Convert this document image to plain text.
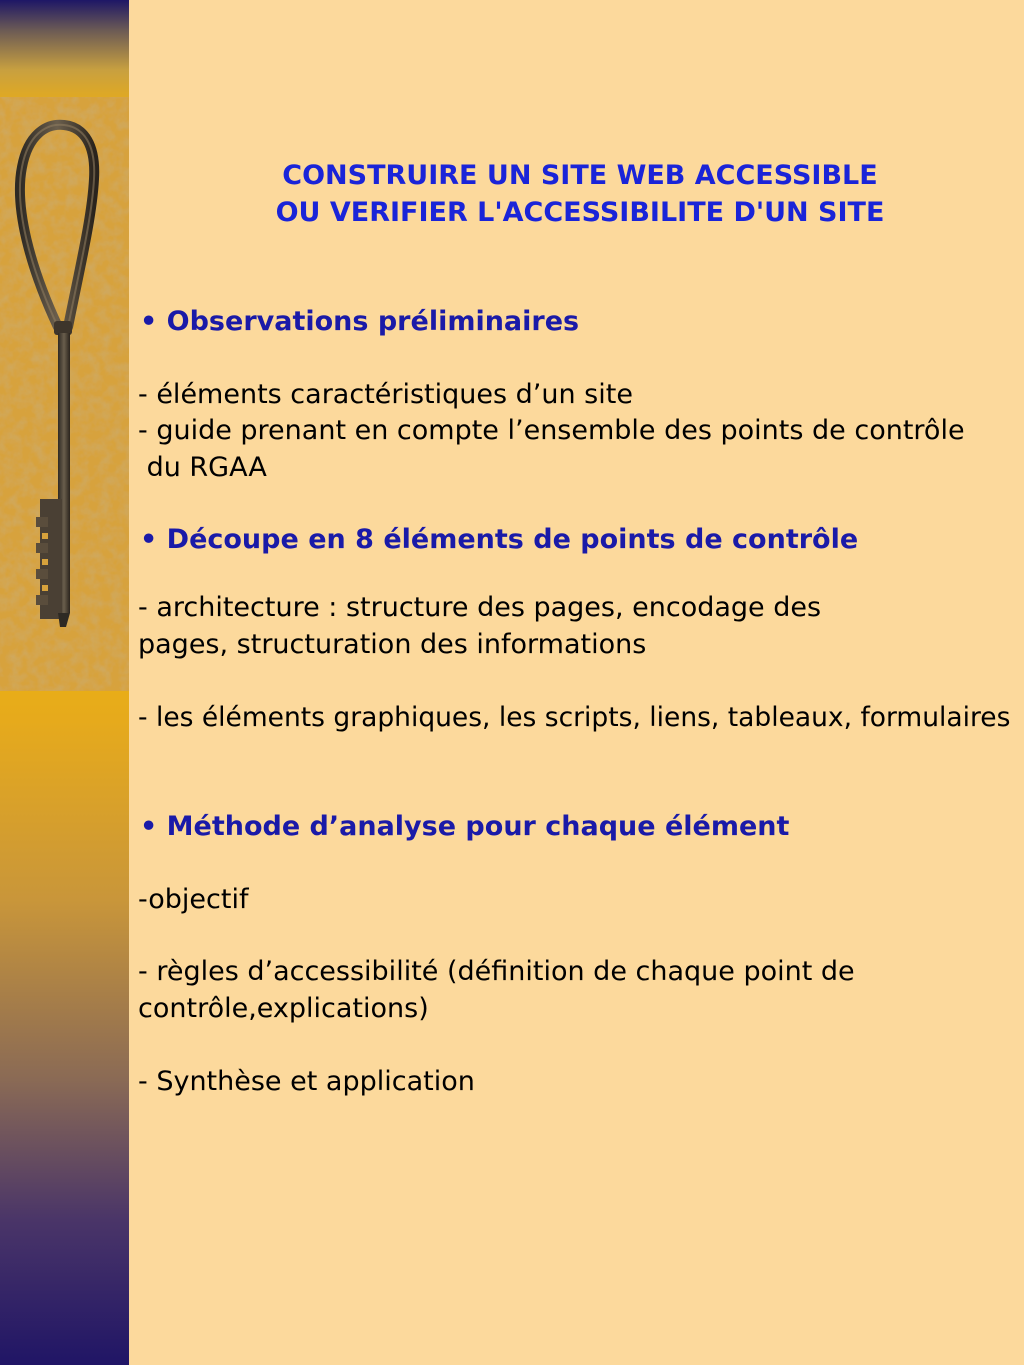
CONSTRUIRE UN SITE WEB ACCESSIBLE
OU VERIFIER L'ACCESSIBILITE D'UN SITE
• Observations préliminaires
- éléments caractéristiques d’un site
- guide prenant en compte l’ensemble des points de contrôle
du RGAA
• Découpe en 8 éléments de points de contrôle
- architecture : structure des pages, encodage des
pages, structuration des informations
- les éléments graphiques, les scripts, liens, tableaux, formulaires
• Méthode d’analyse pour chaque élément
-objectif
- règles d’accessibilité (définition de chaque point de
contrôle,explications)
- Synthèse et application
